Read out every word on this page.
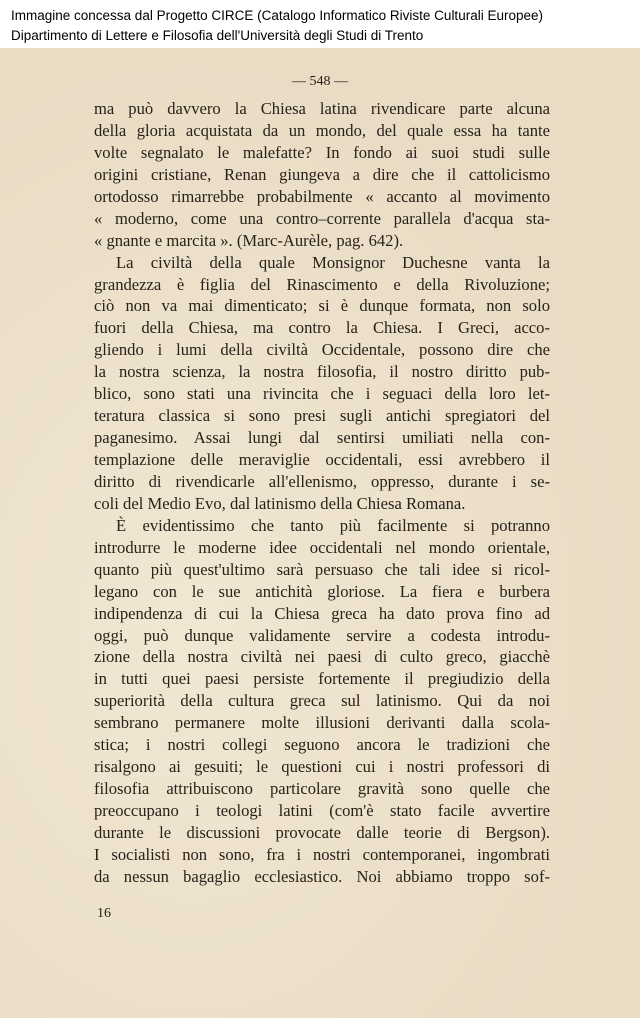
Immagine concessa dal Progetto CIRCE (Catalogo Informatico Riviste Culturali Europee)
Dipartimento di Lettere e Filosofia dell'Università degli Studi di Trento
— 548 —
ma può davvero la Chiesa latina rivendicare parte alcuna
della gloria acquistata da un mondo, del quale essa ha tante
volte segnalato le malefatte? In fondo ai suoi studi sulle
origini cristiane, Renan giungeva a dire che il cattolicismo
ortodosso rimarrebbe probabilmente « accanto al movimento
« moderno, come una contro–corrente parallela d'acqua sta-
« gnante e marcita ». (Marc-Aurèle, pag. 642).
La civiltà della quale Monsignor Duchesne vanta la
grandezza è figlia del Rinascimento e della Rivoluzione;
ciò non va mai dimenticato; si è dunque formata, non solo
fuori della Chiesa, ma contro la Chiesa. I Greci, acco-
gliendo i lumi della civiltà Occidentale, possono dire che
la nostra scienza, la nostra filosofia, il nostro diritto pub-
blico, sono stati una rivincita che i seguaci della loro let-
teratura classica si sono presi sugli antichi spregiatori del
paganesimo. Assai lungi dal sentirsi umiliati nella con-
templazione delle meraviglie occidentali, essi avrebbero il
diritto di rivendicarle all'ellenismo, oppresso, durante i se-
coli del Medio Evo, dal latinismo della Chiesa Romana.
È evidentissimo che tanto più facilmente si potranno
introdurre le moderne idee occidentali nel mondo orientale,
quanto più quest'ultimo sarà persuaso che tali idee si ricol-
legano con le sue antichità gloriose. La fiera e burbera
indipendenza di cui la Chiesa greca ha dato prova fino ad
oggi, può dunque validamente servire a codesta introdu-
zione della nostra civiltà nei paesi di culto greco, giacchè
in tutti quei paesi persiste fortemente il pregiudizio della
superiorità della cultura greca sul latinismo. Qui da noi
sembrano permanere molte illusioni derivanti dalla scola-
stica; i nostri collegi seguono ancora le tradizioni che
risalgono ai gesuiti; le questioni cui i nostri professori di
filosofia attribuiscono particolare gravità sono quelle che
preoccupano i teologi latini (com'è stato facile avvertire
durante le discussioni provocate dalle teorie di Bergson).
I socialisti non sono, fra i nostri contemporanei, ingombrati
da nessun bagaglio ecclesiastico. Noi abbiamo troppo sof-
16
